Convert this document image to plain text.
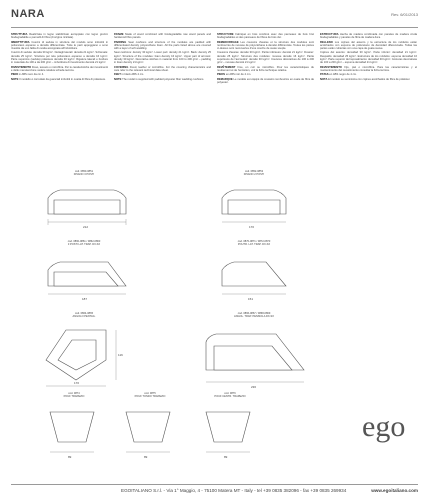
NARA	Rev. 6/01/2013

STRUTTURA Realizzata in legno stabilizzato accoppiato con legno grezzo biodegradabile e pannelli di fibra (di origine riciclata).

IMBOTTITURA Cuscini di seduta in struttura del modulo sono imbottiti in poliuretano espanso a densità differenziate. Tutte le parti appoggiano e sono rivestite da uno falda di ovatta accoppiata all'imbottitura.

Cuscini di seduta: densità 30 kg/m³. Dettagli laterali: densità 21 kg/m³. Schienale: densità 25 kg/m³. Struttura per tela poliuretano espanso a densità 16 kg/m³. Parte superiore (seduta) poliestere densità 30 kg/m³. Rigature laterali e bordure in materiale da 100 a da 200 g/m² – imbottitura di rivestimento densità 21 kg/m³.

RIVESTIMENTO Fisso, tessuto o microfibra. Per le caratteristiche dei rivestimenti e delle manutenzione vedere relativa scheda tecnica.

PIEDI in ABS nero da cm 4.

NOTE Il modello è corredato da guanciali imbottiti in ovatta di fibra di poliestere.

FRAME Made of wood combined with biodegradable raw wood panels and hardwood fibre panels.

PADDING Seat cushions and structure of the modules are padded with differentiated density polyurethane foam. All the parts listed above are covered with a layer of soft wadding.

Seat cushions: density 30 kg/m³. Lower part: density 21 kg/m³. Back: density 25 kg/m³. Structure of the modules: foam density 16 kg/m³. Upper part of armrest: density 30 kg/m³. Decorative stitches in material from 100 to 200 g/m² – padding in foam density 21 kg/m³.

COVERING Fixed, leather or microfibre. For the covering characteristics and care refer to the relevant technical data sheet.

FEET in black ABS 4 cm.

NOTE The model is supplied with padded polyester fiber wadding cushions.

STRUCTURE Fabriqué en bois combiné avec des panneaux de bois brut biodégradables et des panneaux de fibres de bois dur.

REMBOURRAGE Les coussins d'assise et la structure des modules sont rembourrés de mousse de polyuréthane à densité différenciée. Toutes les pièces ci-dessus sont recouvertes d'une couche de ouate souple.

Coussins d'assise: densité 30 kg/m³. Partie inférieure: densité 21 kg/m³. Dossier: densité 25 kg/m³. Structure des modules: mousse densité 16 kg/m³. Partie supérieure de l'accoudoir: densité 30 kg/m³. Coutures décoratives de 100 à 200 g/m² – mousse densité 21 kg/m³.

REVÊTEMENT Fixe, en cuir ou microfibre. Pour les caractéristiques du revêtement et de l'entretien, voir la fiche technique relative.

PIEDS en ABS noir de 4 cm.

REMARQUE Le modèle est équipé de coussins rembourrés en ouate de fibre de polyester.

ESTRUCTURA Hecha de madera combinada con paneles de madera cruda biodegradables y paneles de fibra de madera dura.

RELLENO Los cojines del asiento y la estructura de los módulos están acolchados con espuma de poliuretano de densidad diferenciada. Todas las partes están cubiertas con una capa de guata suave.

Cojines del asiento: densidad 30 kg/m³. Parte inferior: densidad 21 kg/m³. Respaldo: densidad 25 kg/m³. Estructura de los módulos: espuma densidad 16 kg/m³. Parte superior del reposabrazos: densidad 30 kg/m³. Costuras decorativas de 100 a 200 g/m² – espuma densidad 21 kg/m³.

REVESTIMIENTO Fijo, piel o microfibra. Para las características y el mantenimiento del revestimiento consultar la ficha técnica.

PATAS en ABS negro de 4 cm.

NOTA El modelo se suministra con cojines acolchados de fibra de poliéster.

cod. 0850-0851
DIVANO 3 POSTI
212
cod. 0852-0853
DIVANO 2 POSTI
170
cod. 0860-0861 / 0862-0863
3 POSTI LAT. TRAP. DX-SX
187
cod. 0870-0871 / 0872-0873
POUTR. LAT. TRAP. DX-SX
151
cod. 0864-0865
ANGOLO PENTAG.
170
116
cod. 0866-0867 / 0868-0869
ANGOL. TRAP. PENISOLA DX-SX
236
cod. 0874
POUF TRAPEZIO
89
cod. 0875
POUF TONDO TRAPEZIO
89
cod. 0876
POUF CENTR. TRAPEZIO
89
ego
EGOITALIANO S.r.l. - Via 1° Maggio, 4 - 75100 Matera MT - Italy - tel +39 0835 382096 - fax +39 0835 269934	www.egoitaliano.com
